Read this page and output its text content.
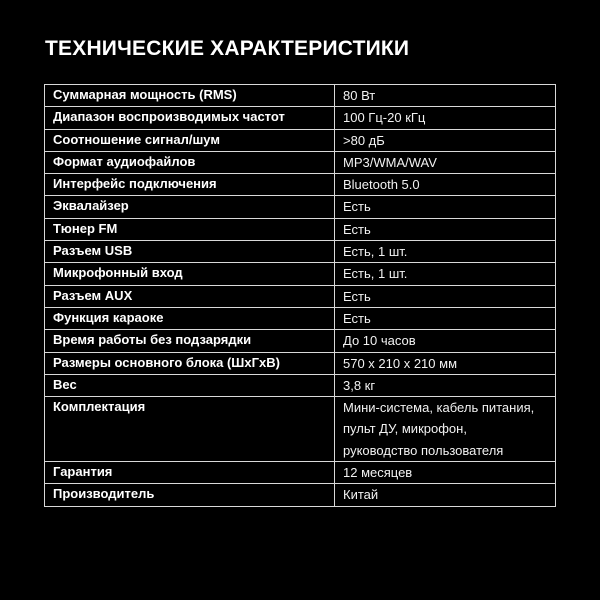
ТЕХНИЧЕСКИЕ ХАРАКТЕРИСТИКИ
Суммарная мощность (RMS)	80 Вт

Диапазон воспроизводимых частот	100 Гц-20 кГц

Соотношение сигнал/шум	>80 дБ

Формат аудиофайлов	MP3/WMA/WAV

Интерфейс подключения	Bluetooth 5.0

Эквалайзер	Есть

Тюнер FM	Есть

Разъем USB	Есть, 1 шт.

Микрофонный вход	Есть, 1 шт.

Разъем AUX	Есть

Функция караоке	Есть

Время работы без подзарядки	До 10 часов

Размеры основного блока (ШхГхВ)	570 х 210 х 210 мм

Вес	3,8 кг

Комплектация	Мини-система, кабель питания,
пульт ДУ, микрофон,
руководство пользователя

Гарантия	12 месяцев

Производитель	Китай
